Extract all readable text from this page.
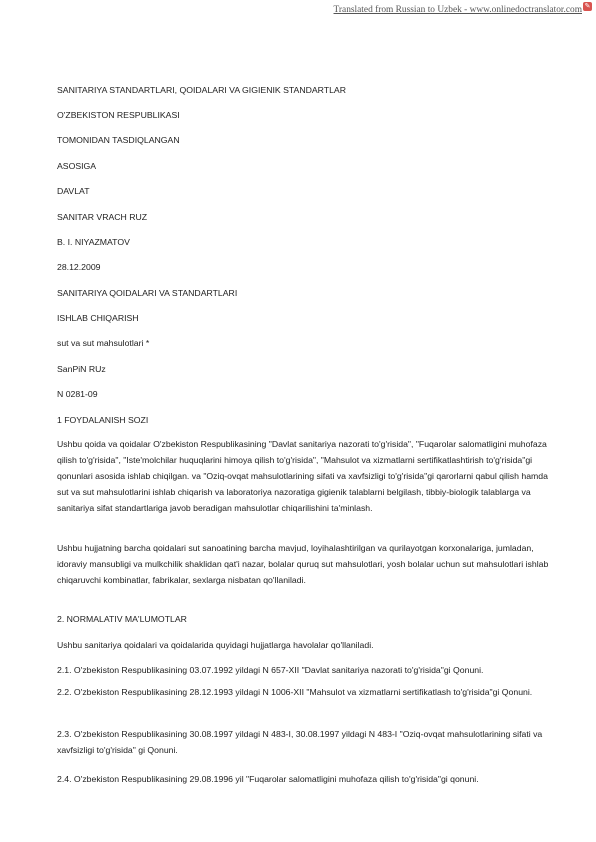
Translated from Russian to Uzbek - www.onlinedoctranslator.com ✎
SANITARIYA STANDARTLARI, QOIDALARI VA GIGIENIK STANDARTLAR
O'ZBEKISTON RESPUBLIKASI
TOMONIDAN TASDIQLANGAN
ASOSIGA
DAVLAT
SANITAR VRACH RUZ
B. I. NIYAZMATOV
28.12.2009
SANITARIYA QOIDALARI VA STANDARTLARI
ISHLAB CHIQARISH
sut va sut mahsulotlari *
SanPiN RUz
N 0281-09
1 FOYDALANISH SOZI

Ushbu qoida va qoidalar O'zbekiston Respublikasining "Davlat sanitariya nazorati to'g'risida", "Fuqarolar salomatligini muhofaza qilish to'g'risida", "Iste'molchilar huquqlarini himoya qilish to'g'risida", "Mahsulot va xizmatlarni sertifikatlashtirish to'g'risida"gi qonunlari asosida ishlab chiqilgan. va "Oziq-ovqat mahsulotlarining sifati va xavfsizligi to'g'risida"gi qarorlarni qabul qilish hamda sut va sut mahsulotlarini ishlab chiqarish va laboratoriya nazoratiga gigienik talablarni belgilash, tibbiy-biologik talablarga va sanitariya sifat standartlariga javob beradigan mahsulotlar chiqarilishini ta'minlash.

Ushbu hujjatning barcha qoidalari sut sanoatining barcha mavjud, loyihalashtirilgan va qurilayotgan korxonalariga, jumladan, idoraviy mansubligi va mulkchilik shaklidan qat'i nazar, bolalar quruq sut mahsulotlari, yosh bolalar uchun sut mahsulotlari ishlab chiqaruvchi kombinatlar, fabrikalar, sexlarga nisbatan qo'llaniladi.

2. NORMALATIV MA'LUMOTLAR
Ushbu sanitariya qoidalari va qoidalarida quyidagi hujjatlarga havolalar qo'llaniladi.
2.1. O'zbekiston Respublikasining 03.07.1992 yildagi N 657-XII "Davlat sanitariya nazorati to'g'risida"gi Qonuni.

2.2. O'zbekiston Respublikasining 28.12.1993 yildagi N 1006-XII "Mahsulot va xizmatlarni sertifikatlash to'g'risida"gi Qonuni.

2.3. O'zbekiston Respublikasining 30.08.1997 yildagi N 483-I, 30.08.1997 yildagi N 483-I "Oziq-ovqat mahsulotlarining sifati va xavfsizligi to'g'risida" gi Qonuni.

2.4. O'zbekiston Respublikasining 29.08.1996 yil "Fuqarolar salomatligini muhofaza qilish to'g'risida"gi qonuni.
